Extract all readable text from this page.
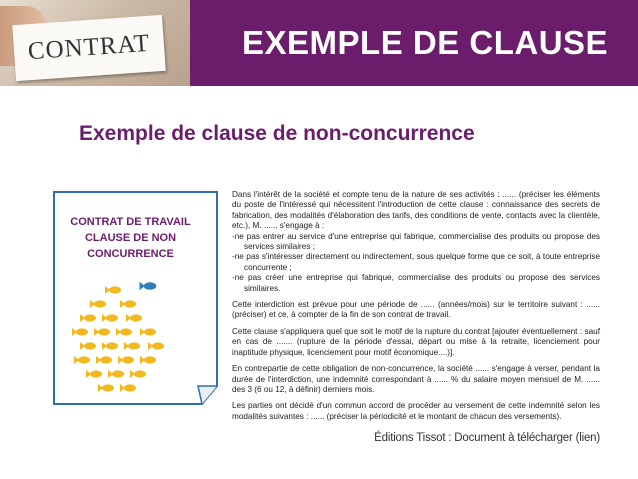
CONTRAT	EXEMPLE DE CLAUSE
Exemple de clause de non-concurrence
CONTRAT DE TRAVAIL
CLAUSE DE NON
CONCURRENCE

Dans l'intérêt de la société et compte tenu de la nature de ses activités : ...... (préciser les éléments du poste de l'intéressé qui nécessitent l'introduction de cette clause : connaissance des secrets de fabrication, des modalités d'élaboration des tarifs, des conditions de vente, contacts avec la clientèle, etc.), M. ...... s'engage à :
-ne pas entrer au service d'une entreprise qui fabrique, commercialise des produits ou propose des services similaires ;
-ne pas s'intéresser directement ou indirectement, sous quelque forme que ce soit, à toute entreprise concurrente ;
-ne pas créer une entreprise qui fabrique, commercialise des produits ou propose des services similaires.

Cette interdiction est prévue pour une période de ...... (années/mois) sur le territoire suivant : ...... (préciser) et ce, à compter de la fin de son contrat de travail.

Cette clause s'appliquera quel que soit le motif de la rupture du contrat [ajouter éventuellement : sauf en cas de ....... (rupture de la période d'essai, départ ou mise à la retraite, licenciement pour inaptitude physique, licenciement pour motif économique....)].

En contrepartie de cette obligation de non-concurrence, la société ...... s'engage à verser, pendant la durée de l'interdiction, une indemnité correspondant à ...... % du salaire moyen mensuel de M. ...... des 3 (6 ou 12, à définir) derniers mois.

Les parties ont décidé d'un commun accord de procéder au versement de cette indemnité selon les modalités suivantes : ...... (préciser la périodicité et le montant de chacun des versements).

Éditions Tissot : Document à télécharger (lien)
